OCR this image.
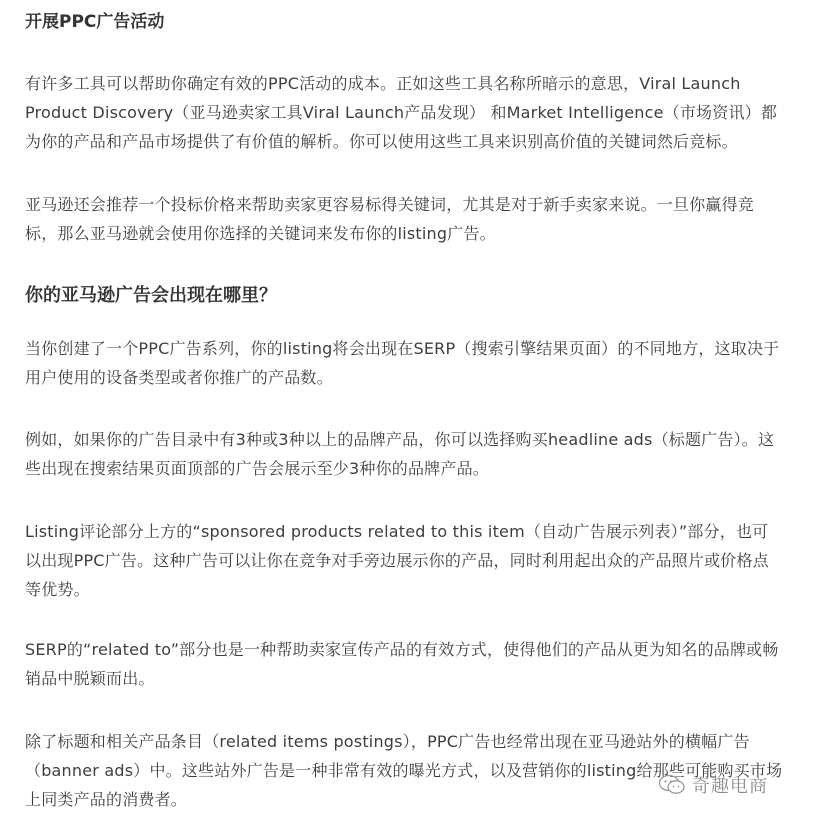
开展PPC广告活动

有许多工具可以帮助你确定有效的PPC活动的成本。正如这些工具名称所暗示的意思，Viral Launch Product Discovery（亚马逊卖家工具Viral Launch产品发现） 和Market Intelligence（市场资讯）都为你的产品和产品市场提供了有价值的解析。你可以使用这些工具来识别高价值的关键词然后竞标。

亚马逊还会推荐一个投标价格来帮助卖家更容易标得关键词，尤其是对于新手卖家来说。一旦你赢得竞标，那么亚马逊就会使用你选择的关键词来发布你的listing广告。

你的亚马逊广告会出现在哪里？

当你创建了一个PPC广告系列，你的listing将会出现在SERP（搜索引擎结果页面）的不同地方，这取决于用户使用的设备类型或者你推广的产品数。

例如，如果你的广告目录中有3种或3种以上的品牌产品，你可以选择购买headline ads（标题广告）。这些出现在搜索结果页面顶部的广告会展示至少3种你的品牌产品。

Listing评论部分上方的“sponsored products related to this item（自动广告展示列表）”部分，也可以出现PPC广告。这种广告可以让你在竞争对手旁边展示你的产品，同时利用起出众的产品照片或价格点等优势。

SERP的“related to”部分也是一种帮助卖家宣传产品的有效方式，使得他们的产品从更为知名的品牌或畅销品中脱颖而出。

除了标题和相关产品条目（related items postings），PPC广告也经常出现在亚马逊站外的横幅广告（banner ads）中。这些站外广告是一种非常有效的曝光方式，以及营销你的listing给那些可能购买市场上同类产品的消费者。

奇趣电商
